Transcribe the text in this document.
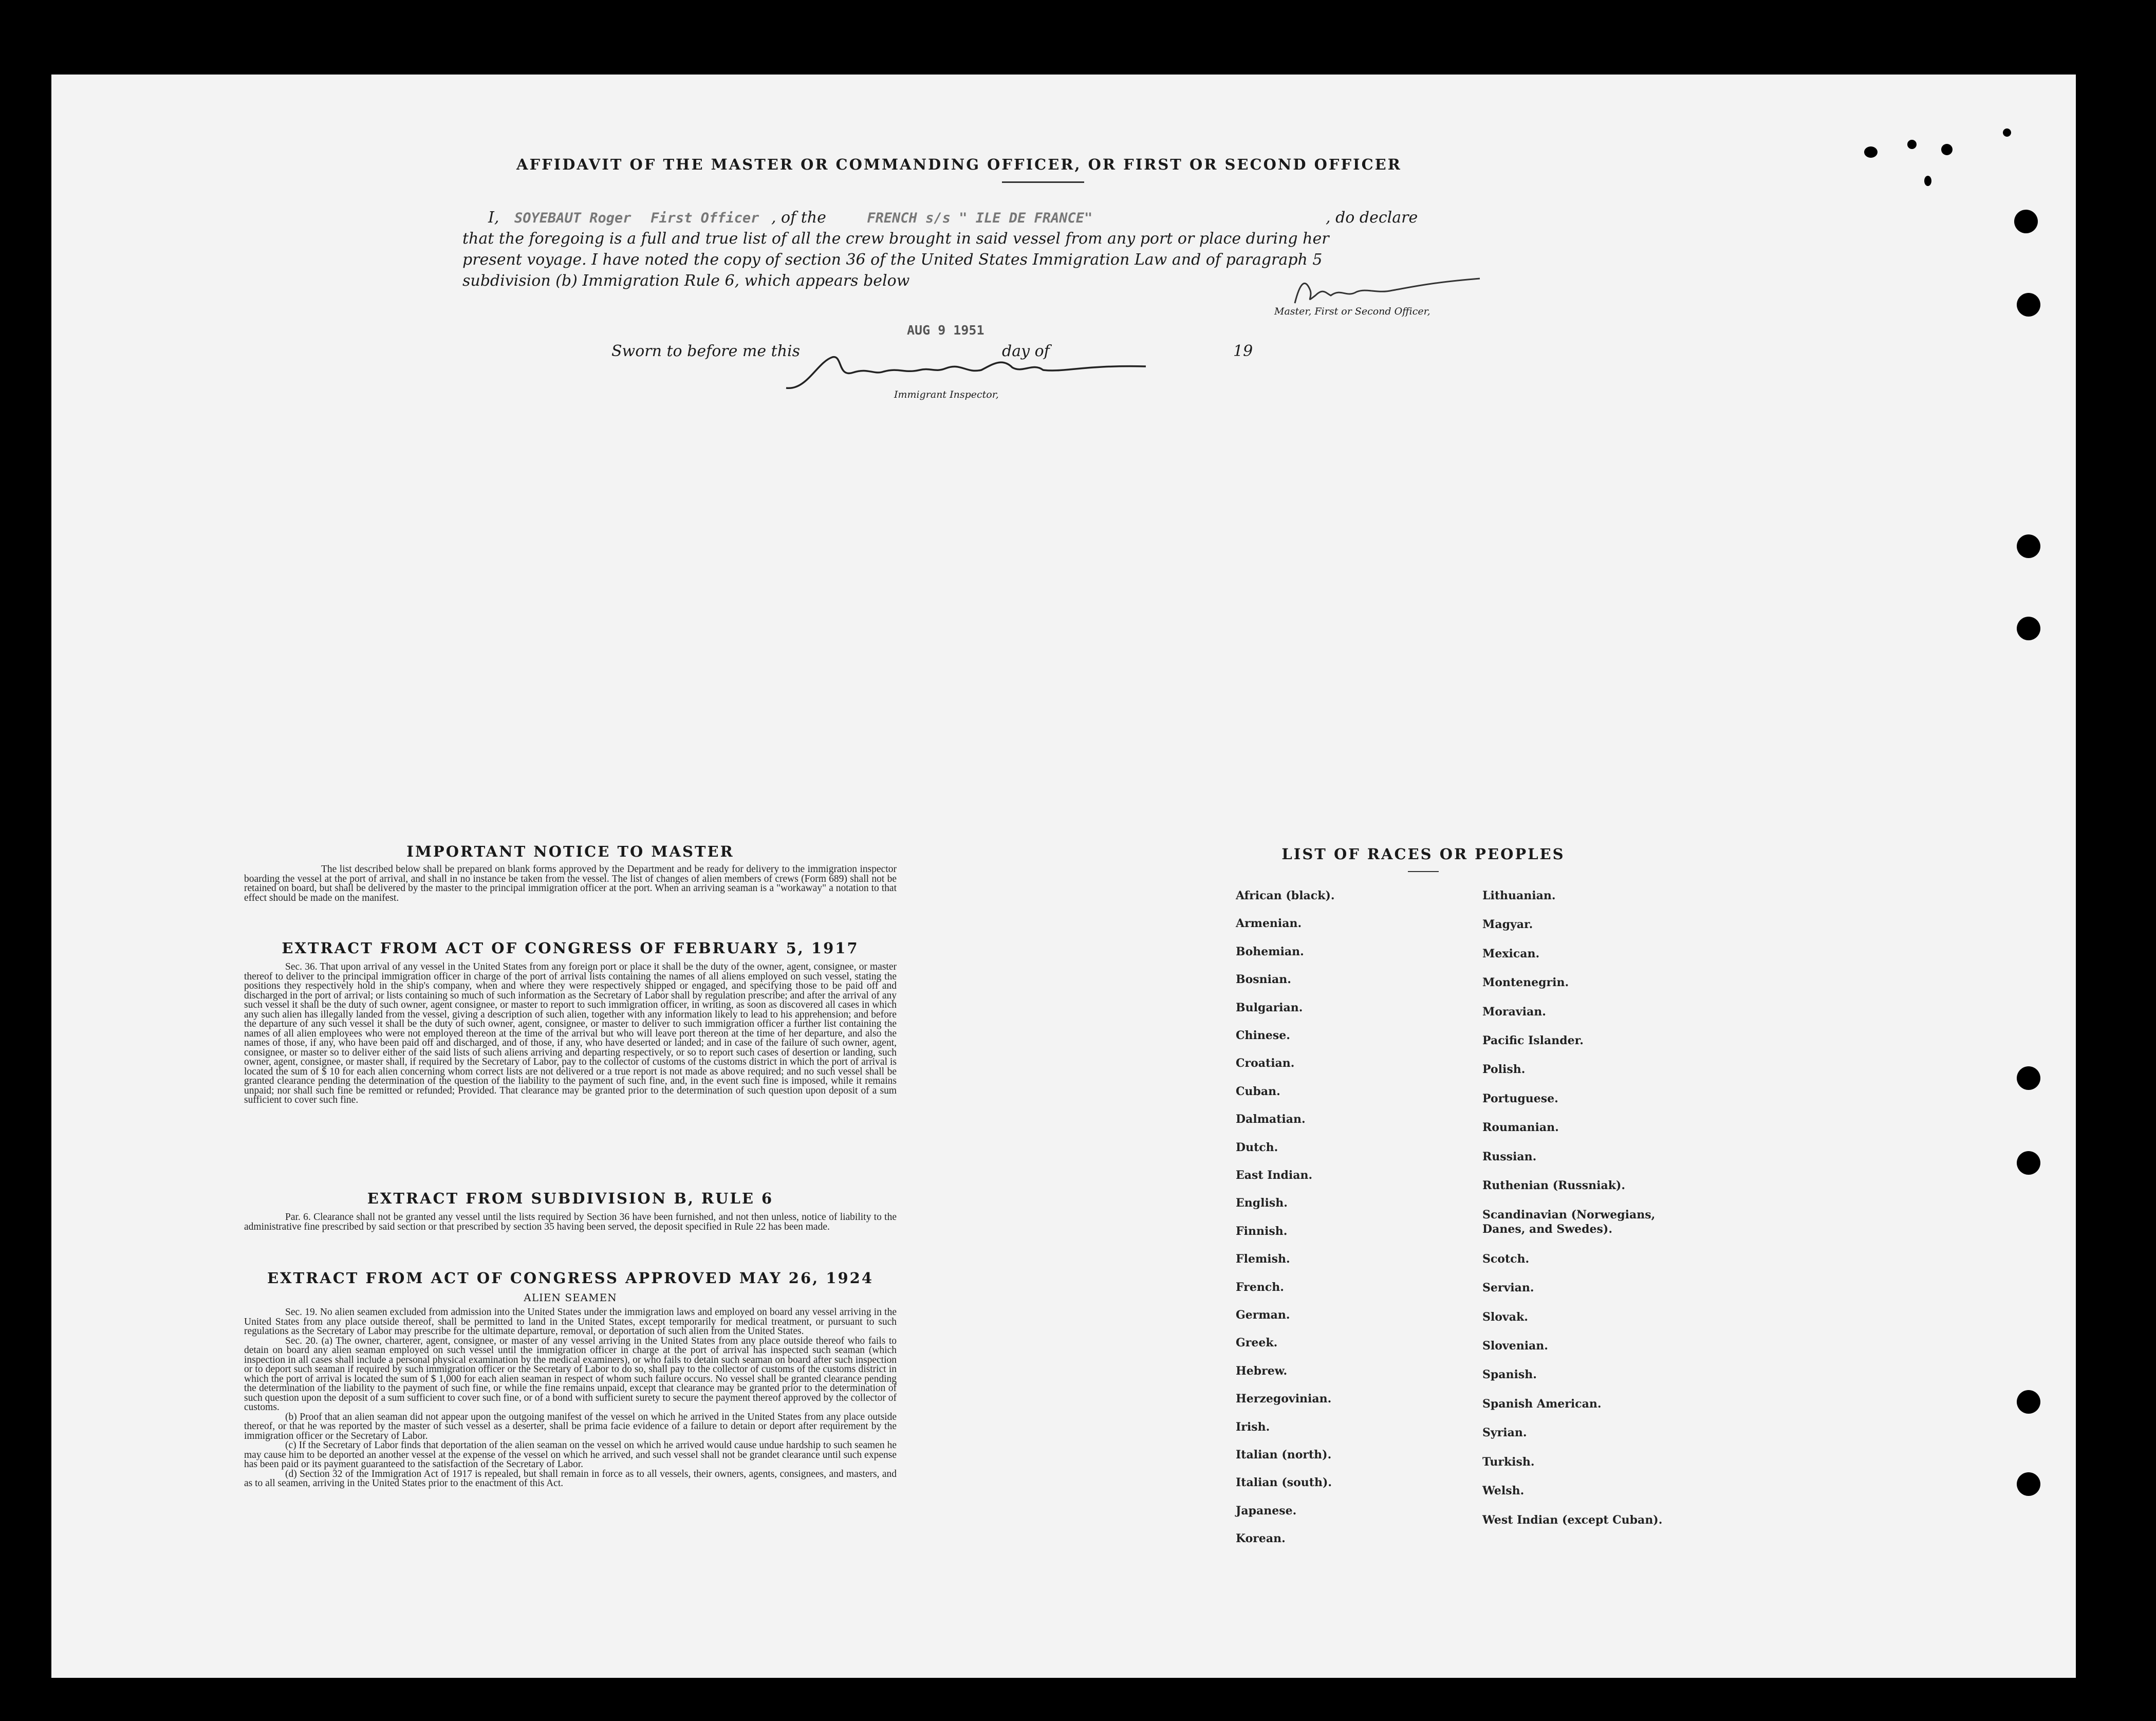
AFFIDAVIT OF THE MASTER OR COMMANDING OFFICER, OR FIRST OR SECOND OFFICER
I, SOYEBAUT Roger First Officer , of the	FRENCH s/s " ILE DE FRANCE"	, do declare
that the foregoing is a full and true list of all the crew brought in said vessel from any port or place during her
present voyage. I have noted the copy of section 36 of the United States Immigration Law and of paragraph 5
subdivision (b) Immigration Rule 6, which appears below
Master, First or Second Officer,
AUG 9 1951
Sworn to before me this	day of	19
Immigrant Inspector,
IMPORTANT NOTICE TO MASTER
The list described below shall be prepared on blank forms approved by the Department and be ready for delivery to the immigration inspector boarding the vessel at the port of arrival, and shall in no instance be taken from the vessel. The list of changes of alien members of crews (Form 689) shall not be retained on board, but shall be delivered by the master to the principal immigration officer at the port. When an arriving seaman is a "workaway" a notation to that effect should be made on the manifest.
EXTRACT FROM ACT OF CONGRESS OF FEBRUARY 5, 1917
Sec. 36. That upon arrival of any vessel in the United States from any foreign port or place it shall be the duty of the owner, agent, consignee, or master thereof to deliver to the principal immigration officer in charge of the port of arrival lists containing the names of all aliens employed on such vessel, stating the positions they respectively hold in the ship's company, when and where they were respectively shipped or engaged, and specifying those to be paid off and discharged in the port of arrival; or lists containing so much of such information as the Secretary of Labor shall by regulation prescribe; and after the arrival of any such vessel it shall be the duty of such owner, agent consignee, or master to report to such immigration officer, in writing, as soon as discovered all cases in which any such alien has illegally landed from the vessel, giving a description of such alien, together with any information likely to lead to his apprehension; and before the departure of any such vessel it shall be the duty of such owner, agent, consignee, or master to deliver to such immigration officer a further list containing the names of all alien employees who were not employed thereon at the time of the arrival but who will leave port thereon at the time of her departure, and also the names of those, if any, who have been paid off and discharged, and of those, if any, who have deserted or landed; and in case of the failure of such owner, agent, consignee, or master so to deliver either of the said lists of such aliens arriving and departing respectively, or so to report such cases of desertion or landing, such owner, agent, consignee, or master shall, if required by the Secretary of Labor, pay to the collector of customs of the customs district in which the port of arrival is located the sum of $ 10 for each alien concerning whom correct lists are not delivered or a true report is not made as above required; and no such vessel shall be granted clearance pending the determination of the question of the liability to the payment of such fine, and, in the event such fine is imposed, while it remains unpaid; nor shall such fine be remitted or refunded; Provided. That clearance may be granted prior to the determination of such question upon deposit of a sum sufficient to cover such fine.
EXTRACT FROM SUBDIVISION B, RULE 6
Par. 6. Clearance shall not be granted any vessel until the lists required by Section 36 have been furnished, and not then unless, notice of liability to the administrative fine prescribed by said section or that prescribed by section 35 having been served, the deposit specified in Rule 22 has been made.
EXTRACT FROM ACT OF CONGRESS APPROVED MAY 26, 1924
ALIEN SEAMEN
Sec. 19. No alien seamen excluded from admission into the United States under the immigration laws and employed on board any vessel arriving in the United States from any place outside thereof, shall be permitted to land in the United States, except temporarily for medical treatment, or pursuant to such regulations as the Secretary of Labor may prescribe for the ultimate departure, removal, or deportation of such alien from the United States.
Sec. 20. (a) The owner, charterer, agent, consignee, or master of any vessel arriving in the United States from any place outside thereof who fails to detain on board any alien seaman employed on such vessel until the immigration officer in charge at the port of arrival has inspected such seaman (which inspection in all cases shall include a personal physical examination by the medical examiners), or who fails to detain such seaman on board after such inspection or to deport such seaman if required by such immigration officer or the Secretary of Labor to do so, shall pay to the collector of customs of the customs district in which the port of arrival is located the sum of $ 1,000 for each alien seaman in respect of whom such failure occurs. No vessel shall be granted clearance pending the determination of the liability to the payment of such fine, or while the fine remains unpaid, except that clearance may be granted prior to the determination of such question upon the deposit of a sum sufficient to cover such fine, or of a bond with sufficient surety to secure the payment thereof approved by the collector of customs.
(b) Proof that an alien seaman did not appear upon the outgoing manifest of the vessel on which he arrived in the United States from any place outside thereof, or that he was reported by the master of such vessel as a deserter, shall be prima facie evidence of a failure to detain or deport after requirement by the immigration officer or the Secretary of Labor.
(c) If the Secretary of Labor finds that deportation of the alien seaman on the vessel on which he arrived would cause undue hardship to such seamen he may cause him to be deported an another vessel at the expense of the vessel on which he arrived, and such vessel shall not be grandet clearance until such expense has been paid or its payment guaranteed to the satisfaction of the Secretary of Labor.
(d) Section 32 of the Immigration Act of 1917 is repealed, but shall remain in force as to all vessels, their owners, agents, consignees, and masters, and as to all seamen, arriving in the United States prior to the enactment of this Act.
LIST OF RACES OR PEOPLES
African (black).
Armenian.
Bohemian.
Bosnian.
Bulgarian.
Chinese.
Croatian.
Cuban.
Dalmatian.
Dutch.
East Indian.
English.
Finnish.
Flemish.
French.
German.
Greek.
Hebrew.
Herzegovinian.
Irish.
Italian (north).
Italian (south).
Japanese.
Korean.
Lithuanian.
Magyar.
Mexican.
Montenegrin.
Moravian.
Pacific Islander.
Polish.
Portuguese.
Roumanian.
Russian.
Ruthenian (Russniak).
Scandinavian (Norwegians, Danes, and Swedes).
Scotch.
Servian.
Slovak.
Slovenian.
Spanish.
Spanish American.
Syrian.
Turkish.
Welsh.
West Indian (except Cuban).
